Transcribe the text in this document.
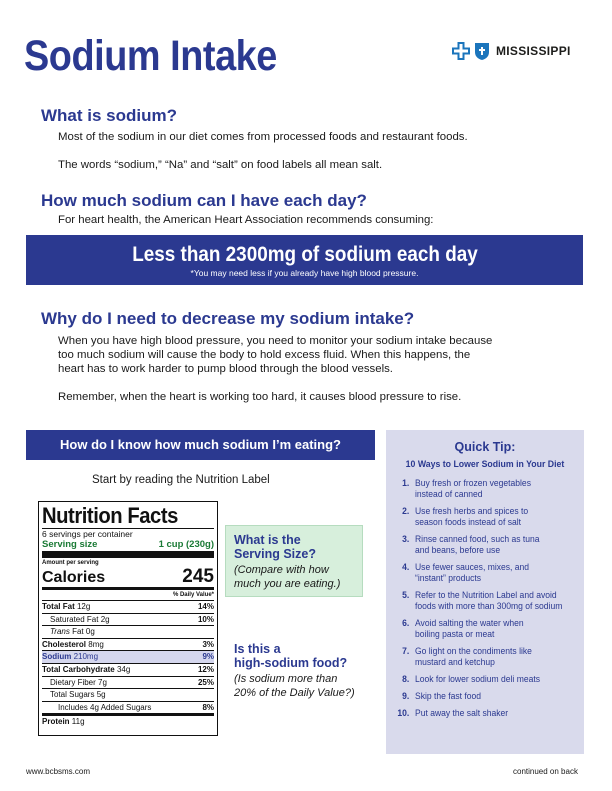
Sodium Intake	MISSISSIPPI
What is sodium?
Most of the sodium in our diet comes from processed foods and restaurant foods.
The words “sodium,” “Na” and “salt” on food labels all mean salt.
How much sodium can I have each day?
For heart health, the American Heart Association recommends consuming:
Less than 2300mg of sodium each day
*You may need less if you already have high blood pressure.
Why do I need to decrease my sodium intake?
When you have high blood pressure, you need to monitor your sodium intake because
too much sodium will cause the body to hold excess fluid. When this happens, the
heart has to work harder to pump blood through the blood vessels.
Remember, when the heart is working too hard, it causes blood pressure to rise.
How do I know how much sodium I’m eating?
Start by reading the Nutrition Label
Nutrition Facts
6 servings per container
Serving size	1 cup (230g)
Amount per serving
Calories	245
% Daily Value*
Total Fat 12g	14%
Saturated Fat 2g	10%
Trans Fat 0g
Cholesterol 8mg	3%
Sodium 210mg	9%
Total Carbohydrate 34g	12%
Dietary Fiber 7g	25%
Total Sugars 5g
Includes 4g Added Sugars	8%
Protein 11g
What is the
Serving Size?
(Compare with how
much you are eating.)
Is this a
high-sodium food?
(Is sodium more than
20% of the Daily Value?)
Quick Tip:
10 Ways to Lower Sodium in Your Diet
1. Buy fresh or frozen vegetables
instead of canned
2. Use fresh herbs and spices to
season foods instead of salt
3. Rinse canned food, such as tuna
and beans, before use
4. Use fewer sauces, mixes, and
“instant” products
5. Refer to the Nutrition Label and avoid
foods with more than 300mg of sodium
6. Avoid salting the water when
boiling pasta or meat
7. Go light on the condiments like
mustard and ketchup
8. Look for lower sodium deli meats
9. Skip the fast food
10. Put away the salt shaker
www.bcbsms.com	continued on back
